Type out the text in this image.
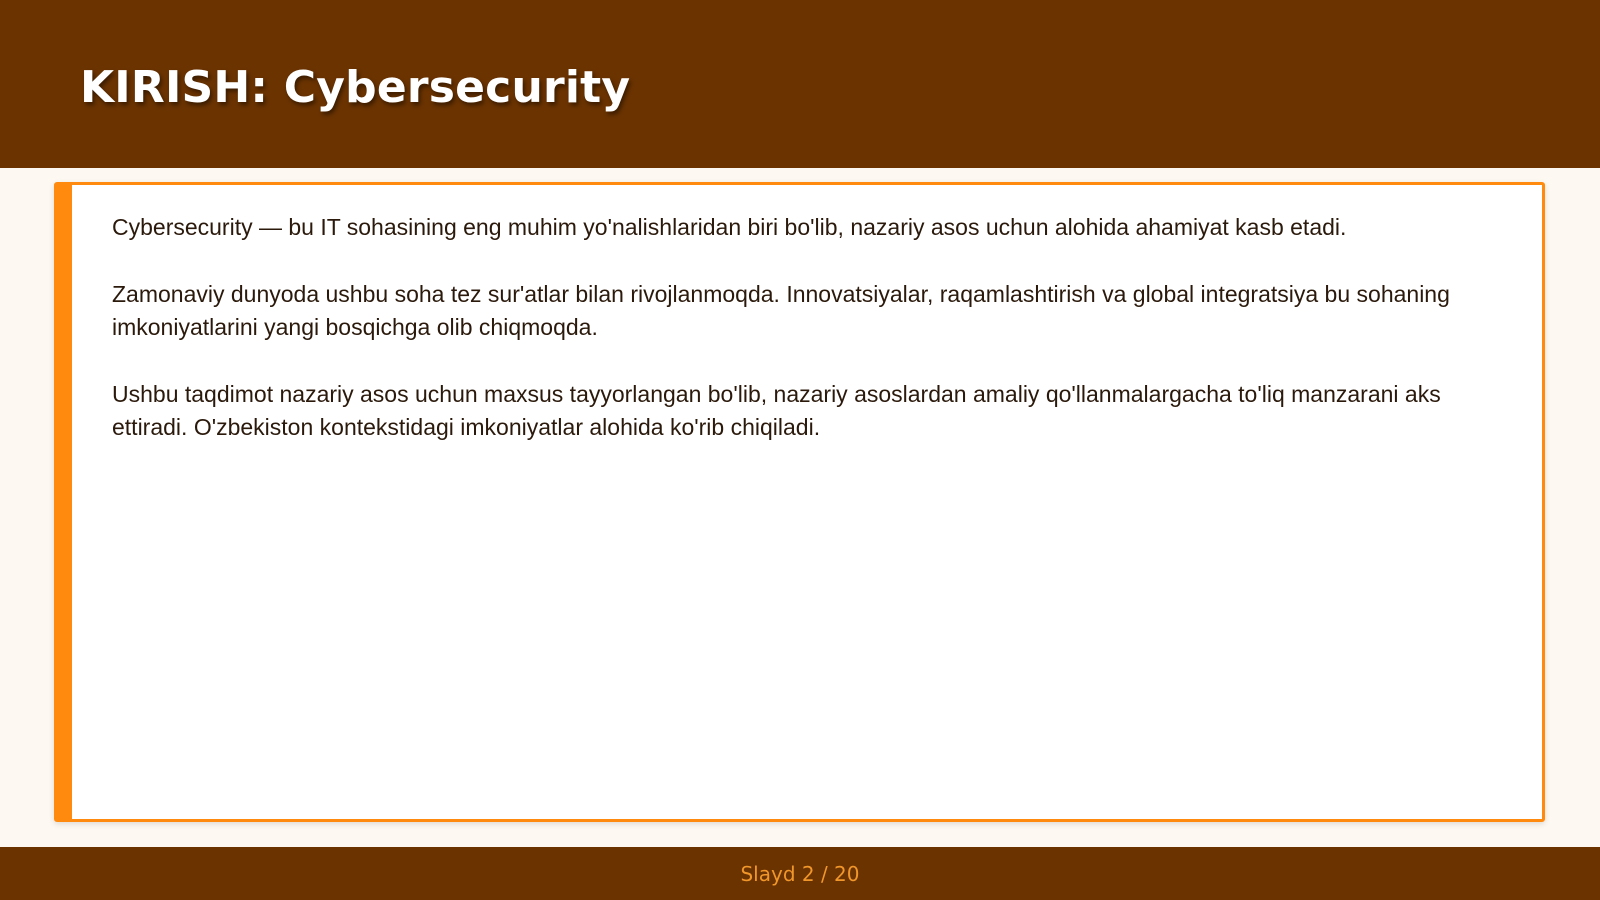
KIRISH: Cybersecurity

Cybersecurity — bu IT sohasining eng muhim yo'nalishlaridan biri bo'lib, nazariy asos uchun alohida ahamiyat kasb etadi.

Zamonaviy dunyoda ushbu soha tez sur'atlar bilan rivojlanmoqda. Innovatsiyalar, raqamlashtirish va global integratsiya bu sohaning imkoniyatlarini yangi bosqichga olib chiqmoqda.

Ushbu taqdimot nazariy asos uchun maxsus tayyorlangan bo'lib, nazariy asoslardan amaliy qo'llanmalargacha to'liq manzarani aks ettiradi. O'zbekiston kontekstidagi imkoniyatlar alohida ko'rib chiqiladi.

Slayd 2 / 20
